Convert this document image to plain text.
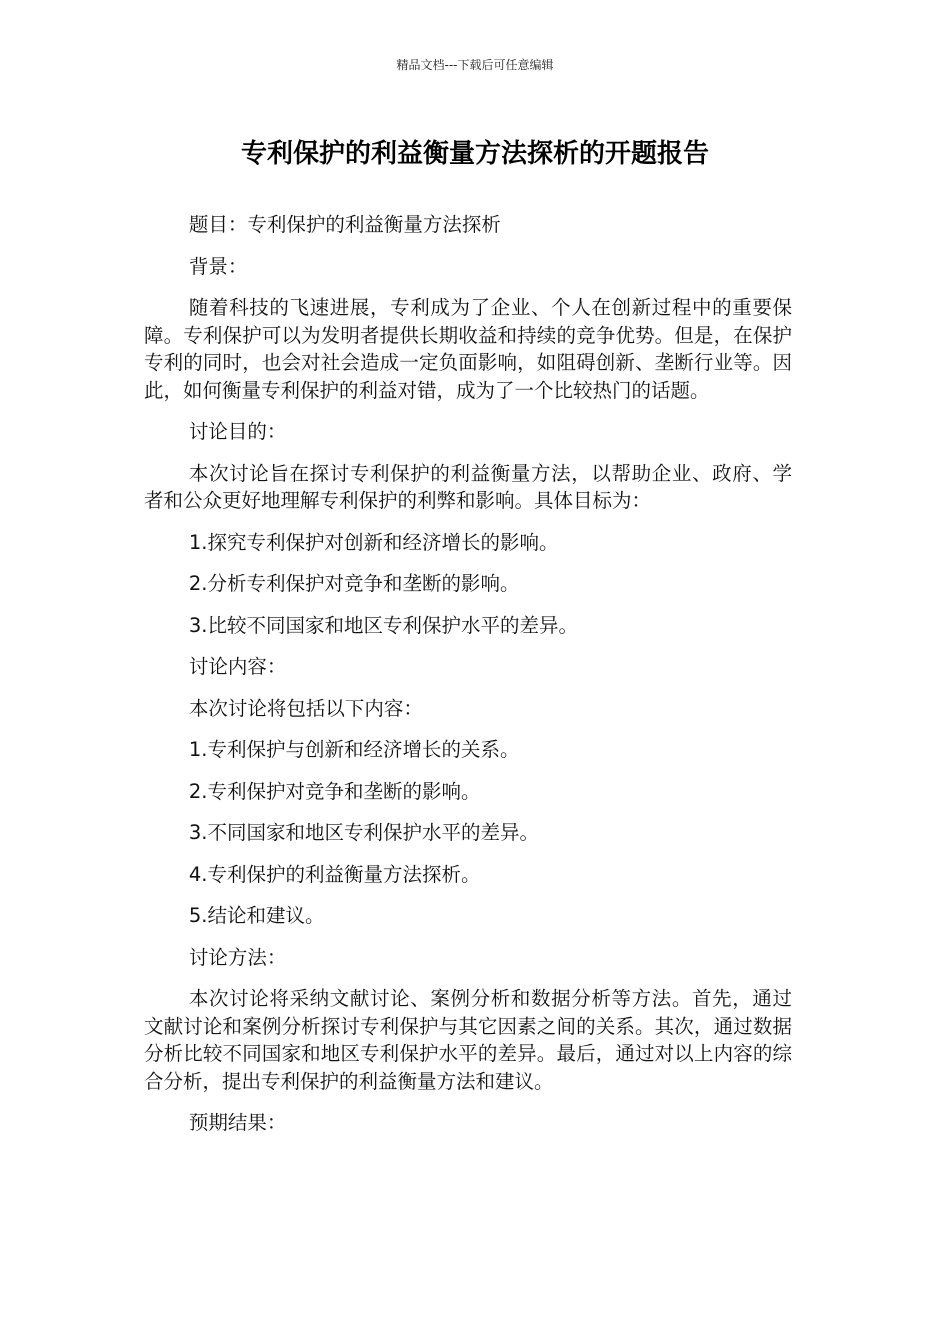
精品文档---下载后可任意编辑
专利保护的利益衡量方法探析的开题报告

题目：专利保护的利益衡量方法探析

背景：

随着科技的飞速进展，专利成为了企业、个人在创新过程中的重要保障。专利保护可以为发明者提供长期收益和持续的竞争优势。但是，在保护专利的同时，也会对社会造成一定负面影响，如阻碍创新、垄断行业等。因此，如何衡量专利保护的利益对错，成为了一个比较热门的话题。

讨论目的：

本次讨论旨在探讨专利保护的利益衡量方法，以帮助企业、政府、学者和公众更好地理解专利保护的利弊和影响。具体目标为：

1.探究专利保护对创新和经济增长的影响。

2.分析专利保护对竞争和垄断的影响。

3.比较不同国家和地区专利保护水平的差异。

讨论内容：

本次讨论将包括以下内容：

1.专利保护与创新和经济增长的关系。

2.专利保护对竞争和垄断的影响。

3.不同国家和地区专利保护水平的差异。

4.专利保护的利益衡量方法探析。

5.结论和建议。

讨论方法：

本次讨论将采纳文献讨论、案例分析和数据分析等方法。首先，通过文献讨论和案例分析探讨专利保护与其它因素之间的关系。其次，通过数据分析比较不同国家和地区专利保护水平的差异。最后，通过对以上内容的综合分析，提出专利保护的利益衡量方法和建议。

预期结果：
